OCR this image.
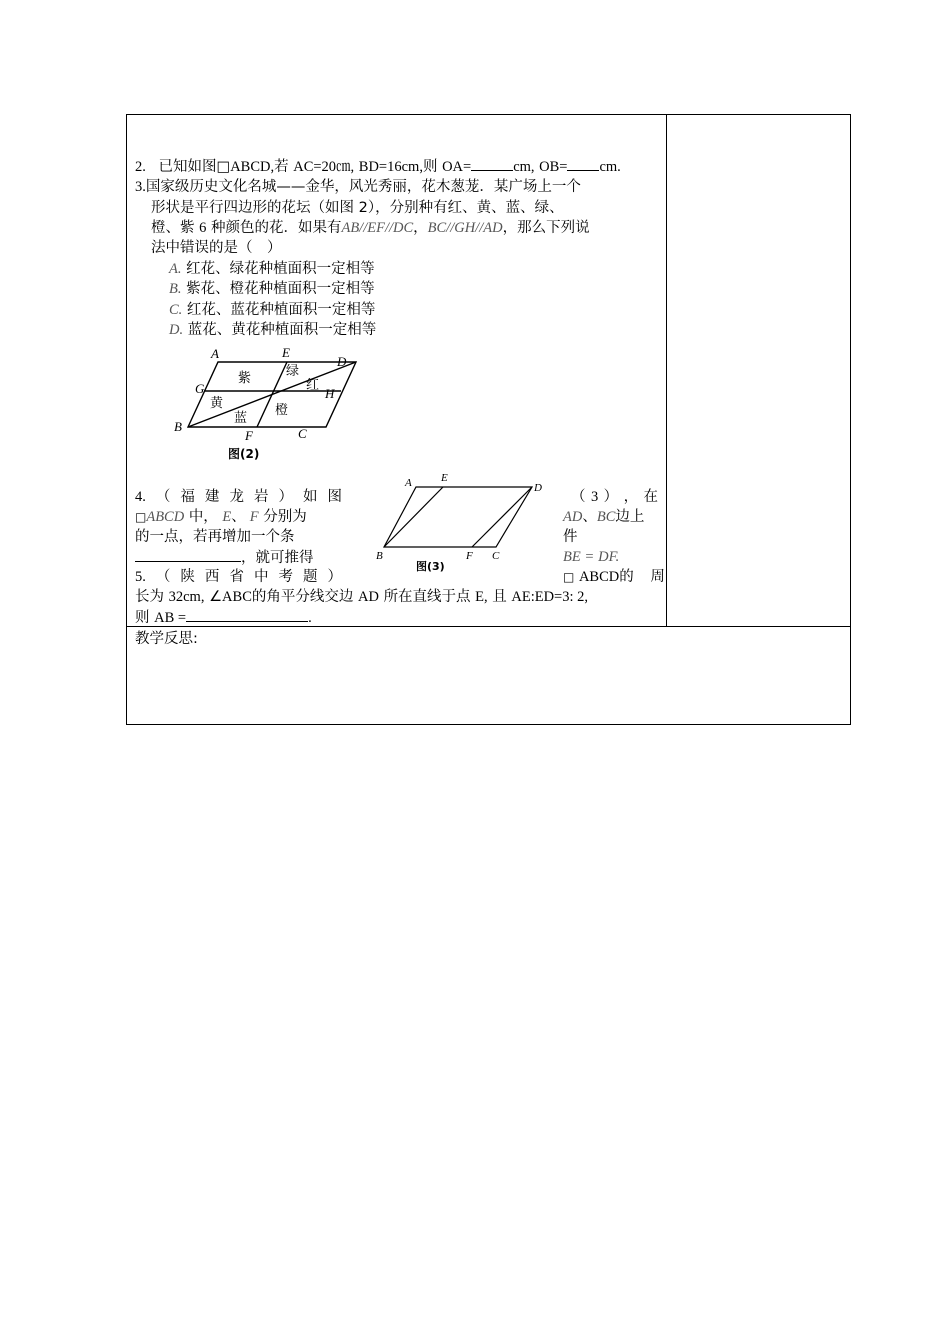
2. 已知如图□ABCD,若 AC=20㎝, BD=16cm,则 OA=	cm, OB= cm.
3.国家级历史文化名城——金华，风光秀丽，花木葱茏．某广场上一个
形状是平行四边形的花坛（如图 2），分别种有红、黄、蓝、绿、
橙、紫 6 种颜色的花．如果有AB//EF//DC，BC//GH//AD，那么下列说
法中错误的是（　）
A. 红花、绿花种植面积一定相等
B. 紫花、橙花种植面积一定相等
C. 红花、蓝花种植面积一定相等
D. 蓝花、黄花种植面积一定相等
A	E
D
G	H
B
F	C
紫	绿
红
黄
蓝
橙
图(2)
A	E
D
B	F C
图(3)
4. （ 福 建 龙 岩 ） 如 图	（ 3 ） ， 在
□ABCD 中， E、 F 分别为	AD、BC边上
的一点，若再增加一个条	件
，就可推得	BE = DF.
5. （ 陕 西 省 中 考 题 ）	□ ABCD的 周
长为 32cm, ∠ABC的角平分线交边 AD 所在直线于点 E, 且 AE:ED=3: 2,
则 AB =	.
教学反思:
